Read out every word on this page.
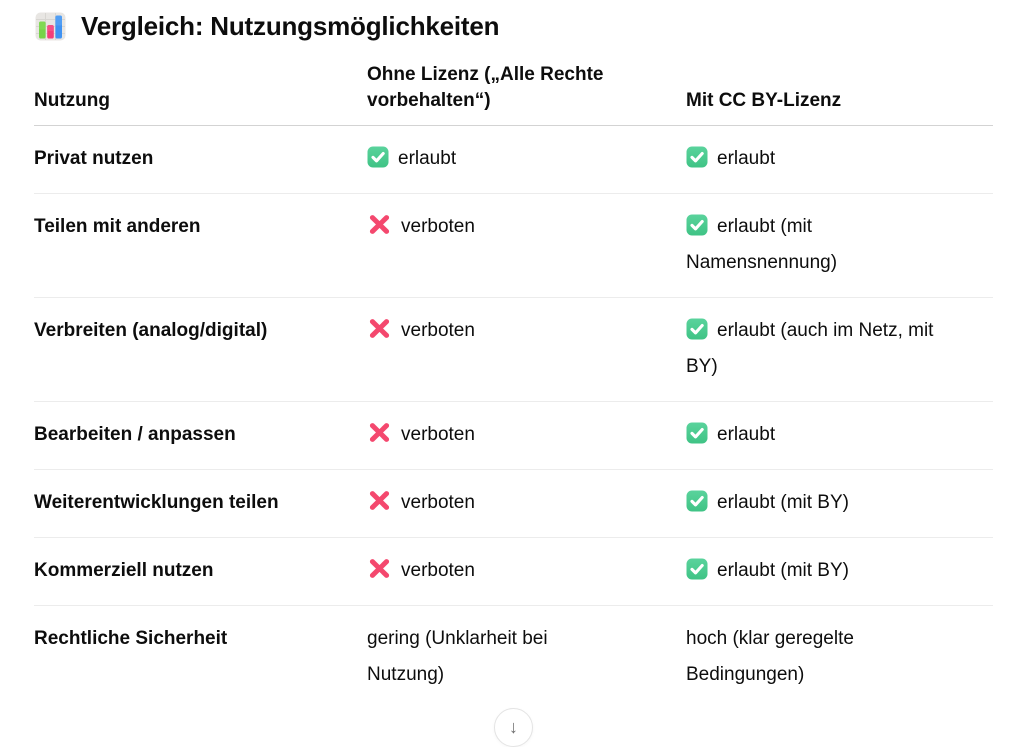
Vergleich: Nutzungsmöglichkeiten
Nutzung	Ohne Lizenz („Alle Rechte vorbehalten“)	Mit CC BY-Lizenz
Privat nutzen	erlaubt	erlaubt
Teilen mit anderen	verboten	erlaubt (mit Namensnennung)
Verbreiten (analog/digital)	verboten	erlaubt (auch im Netz, mit BY)
Bearbeiten / anpassen	verboten	erlaubt
Weiterentwicklungen teilen	verboten	erlaubt (mit BY)
Kommerziell nutzen	verboten	erlaubt (mit BY)
Rechtliche Sicherheit	gering (Unklarheit bei Nutzung)	hoch (klar geregelte Bedingungen)
↓
